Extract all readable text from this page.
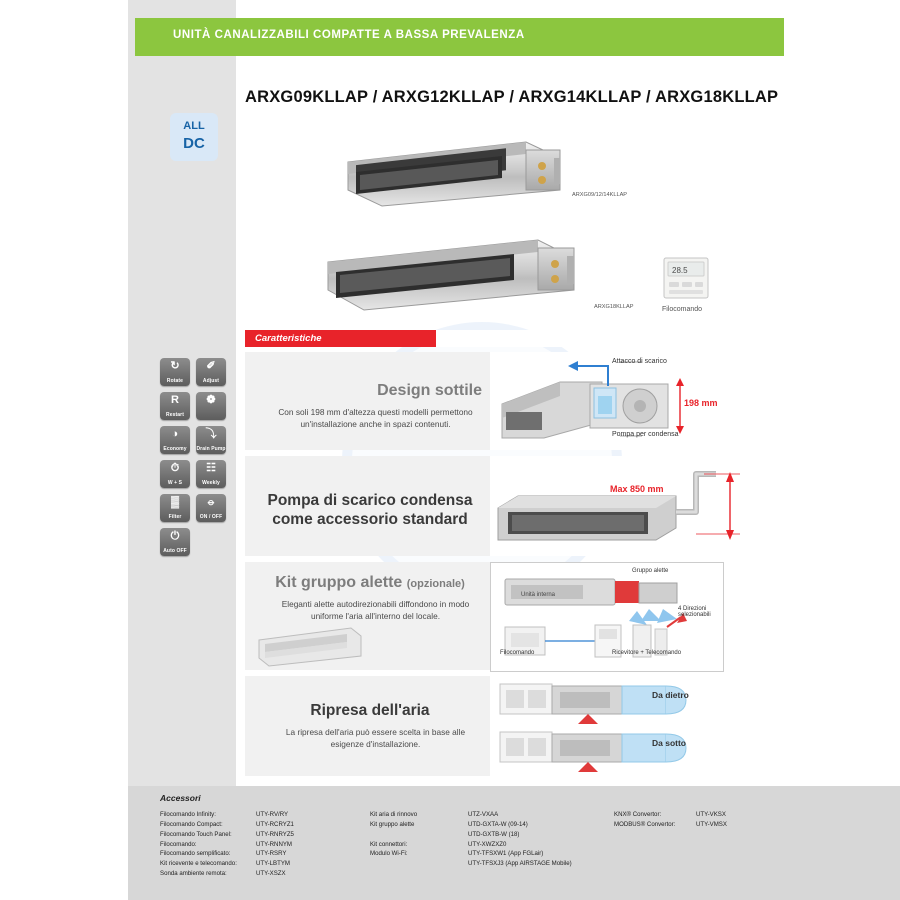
UNITÀ CANALIZZABILI COMPATTE A BASSA PREVALENZA
ARXG09KLLAP / ARXG12KLLAP / ARXG14KLLAP / ARXG18KLLAP
ALL
DC
ARXG09/12/14KLLAP
ARXG18KLLAP
28.5
Filocomando
↻
Rotate
✐
Adjust
R
Restart
❁
◑
Economy
⤵
Drain Pump
⏱
W + S
☷
Weekly
▓
Filter
⦵
ON / OFF
⏻
Auto OFF
Caratteristiche
Design sottile
Con soli 198 mm d'altezza questi modelli permettono un'installazione anche in spazi contenuti.
Attacco di scarico
Pompa per condensa
198 mm
Pompa di scarico condensa
come accessorio standard
Max 850 mm
Kit gruppo alette (opzionale)
Eleganti alette autodirezionabili diffondono in modo uniforme l'aria all'interno del locale.
Unità interna
Gruppo alette
4 Direzioni selezionabili
Filocomando	Ricevitore + Telecomando
Ripresa dell'aria
La ripresa dell'aria può essere scelta in base alle esigenze d'installazione.
Da dietro
Da sotto
Accessori
Filocomando Infinity:	UTY-RV/RY
Filocomando Compact:	UTY-RCRYZ1
Filocomando Touch Panel:	UTY-RNRYZ5
Filocomando:	UTY-RNNYM
Filocomando semplificato:	UTY-RSRY
Kit ricevente e telecomando:	UTY-LBTYM
Sonda ambiente remota:	UTY-XSZX
Kit aria di rinnovo	UTZ-VXAA
Kit gruppo alette	UTD-GXTA-W (09-14)
UTD-GXTB-W (18)
Kit connettori:	UTY-XWZXZ0
Modulo Wi-Fi:	UTY-TFSXW1 (App FGLair)
UTY-TFSXJ3 (App AIRSTAGE Mobile)
KNX® Convertor:	UTY-VKSX
MODBUS® Convertor:	UTY-VMSX
